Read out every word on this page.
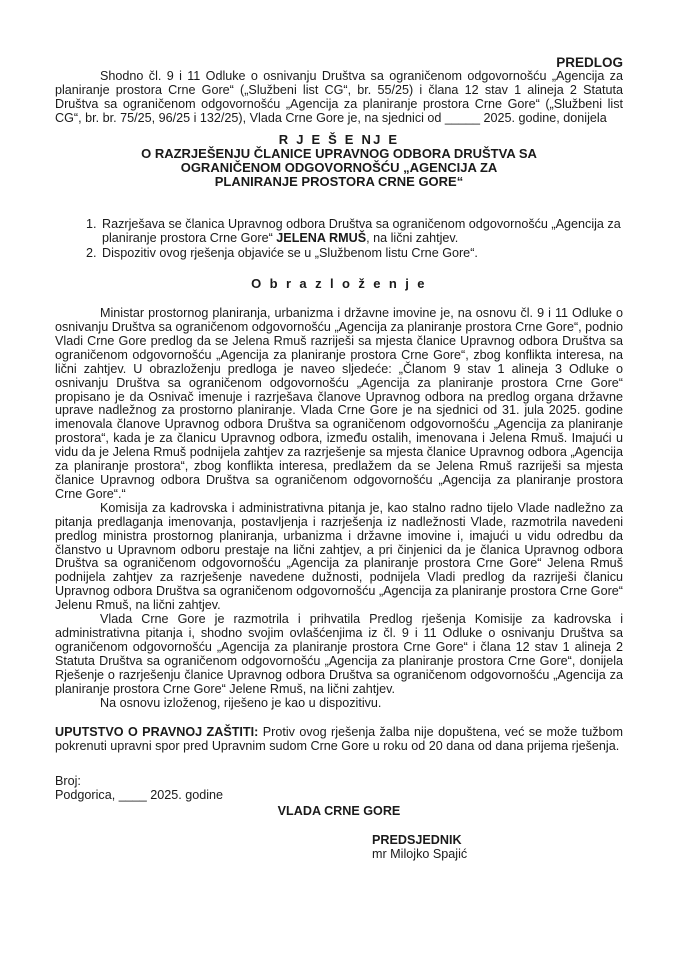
PREDLOG

Shodno čl. 9 i 11 Odluke o osnivanju Društva sa ograničenom odgovornošću „Agencija za planiranje prostora Crne Gore“ („Službeni list CG“, br. 55/25) i člana 12 stav 1 alineja 2 Statuta Društva sa ograničenom odgovornošću „Agencija za planiranje prostora Crne Gore“ („Službeni list CG“, br. br. 75/25, 96/25 i 132/25), Vlada Crne Gore je, na sjednici od _____ 2025. godine, donijela

R J E Š E NJ E
O RAZRJEŠENJU ČLANICE UPRAVNOG ODBORA DRUŠTVA SA
OGRANIČENOM ODGOVORNOŠĆU „AGENCIJA ZA
PLANIRANJE PROSTORA CRNE GORE“
1. Razrješava se članica Upravnog odbora Društva sa ograničenom odgovornošću „Agencija za planiranje prostora Crne Gore“ JELENA RMUŠ, na lični zahtjev.
2. Dispozitiv ovog rješenja objaviće se u „Službenom listu Crne Gore“.
O b r a z l o ž e n j e

Ministar prostornog planiranja, urbanizma i državne imovine je, na osnovu čl. 9 i 11 Odluke o osnivanju Društva sa ograničenom odgovornošću „Agencija za planiranje prostora Crne Gore“, podnio Vladi Crne Gore predlog da se Jelena Rmuš razriješi sa mjesta članice Upravnog odbora Društva sa ograničenom odgovornošću „Agencija za planiranje prostora Crne Gore“, zbog konflikta interesa, na lični zahtjev. U obrazloženju predloga je naveo sljedeće: „Članom 9 stav 1 alineja 3 Odluke o osnivanju Društva sa ograničenom odgovornošću „Agencija za planiranje prostora Crne Gore“ propisano je da Osnivač imenuje i razrješava članove Upravnog odbora na predlog organa državne uprave nadležnog za prostorno planiranje. Vlada Crne Gore je na sjednici od 31. jula 2025. godine imenovala članove Upravnog odbora Društva sa ograničenom odgovornošću „Agencija za planiranje prostora“, kada je za članicu Upravnog odbora, između ostalih, imenovana i Jelena Rmuš. Imajući u vidu da je Jelena Rmuš podnijela zahtjev za razrješenje sa mjesta članice Upravnog odbora „Agencija za planiranje prostora“, zbog konflikta interesa, predlažem da se Jelena Rmuš razriješi sa mjesta članice Upravnog odbora Društva sa ograničenom odgovornošću „Agencija za planiranje prostora Crne Gore“.“

Komisija za kadrovska i administrativna pitanja je, kao stalno radno tijelo Vlade nadležno za pitanja predlaganja imenovanja, postavljenja i razrješenja iz nadležnosti Vlade, razmotrila navedeni predlog ministra prostornog planiranja, urbanizma i državne imovine i, imajući u vidu odredbu da članstvo u Upravnom odboru prestaje na lični zahtjev, a pri činjenici da je članica Upravnog odbora Društva sa ograničenom odgovornošću „Agencija za planiranje prostora Crne Gore“ Jelena Rmuš podnijela zahtjev za razrješenje navedene dužnosti, podnijela Vladi predlog da razriješi članicu Upravnog odbora Društva sa ograničenom odgovornošću „Agencija za planiranje prostora Crne Gore“ Jelenu Rmuš, na lični zahtjev.

Vlada Crne Gore je razmotrila i prihvatila Predlog rješenja Komisije za kadrovska i administrativna pitanja i, shodno svojim ovlašćenjima iz čl. 9 i 11 Odluke o osnivanju Društva sa ograničenom odgovornošću „Agencija za planiranje prostora Crne Gore“ i člana 12 stav 1 alineja 2 Statuta Društva sa ograničenom odgovornošću „Agencija za planiranje prostora Crne Gore“, donijela Rješenje o razrješenju članice Upravnog odbora Društva sa ograničenom odgovornošću „Agencija za planiranje prostora Crne Gore“ Jelene Rmuš, na lični zahtjev.

Na osnovu izloženog, riješeno je kao u dispozitivu.

UPUTSTVO O PRAVNOJ ZAŠTITI: Protiv ovog rješenja žalba nije dopuštena, već se može tužbom pokrenuti upravni spor pred Upravnim sudom Crne Gore u roku od 20 dana od dana prijema rješenja.

Broj:
Podgorica, ____ 2025. godine
VLADA CRNE GORE
PREDSJEDNIK
mr Milojko Spajić
